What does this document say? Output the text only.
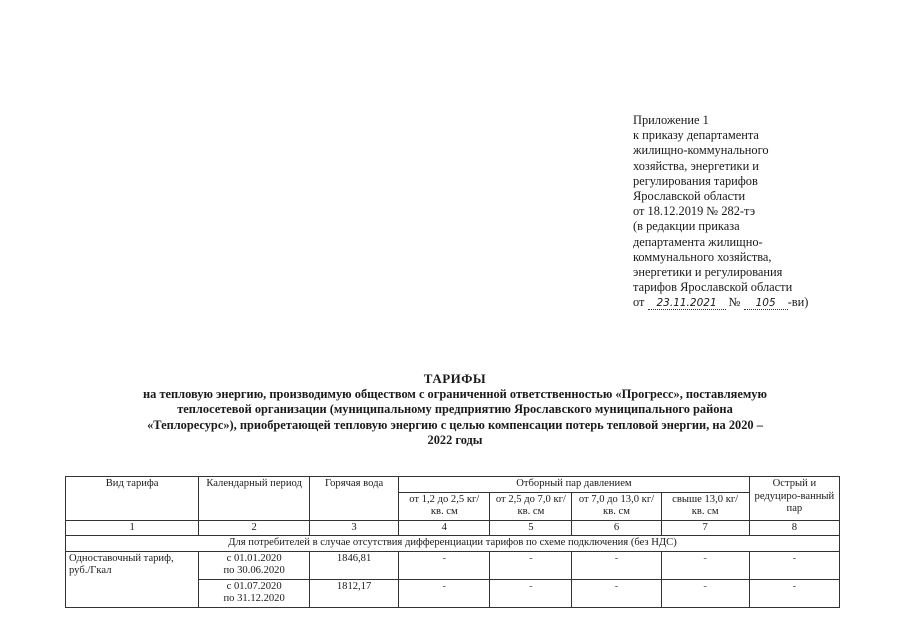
Приложение 1
к приказу департамента
жилищно-коммунального
хозяйства, энергетики и
регулирования тарифов
Ярославской области
от 18.12.2019 № 282-тэ
(в редакции приказа
департамента жилищно-
коммунального хозяйства,
энергетики и регулирования
тарифов Ярославской области
от 23.11.2021 № 105 -ви)
ТАРИФЫ
на тепловую энергию, производимую обществом с ограниченной ответственностью «Прогресс», поставляемую
теплосетевой организации (муниципальному предприятию Ярославского муниципального района
«Теплоресурс»), приобретающей тепловую энергию с целью компенсации потерь тепловой энергии, на 2020 –
2022 годы
Вид тарифа	Календарный период	Горячая вода	Отборный пар давлением				Острый и редуциро-ванный пар
			от 1,2 до 2,5 кг/ кв. см	от 2,5 до 7,0 кг/ кв. см	от 7,0 до 13,0 кг/ кв. см	свыше 13,0 кг/ кв. см	
1	2	3	4	5	6	7	8
Для потребителей в случае отсутствия дифференциации тарифов по схеме подключения (без НДС)							
Одноставочный тариф, руб./Гкал	с 01.01.2020
по 30.06.2020	1846,81	-	-	-	-	-

	с 01.07.2020
по 31.12.2020	1812,17	-	-	-	-	-
